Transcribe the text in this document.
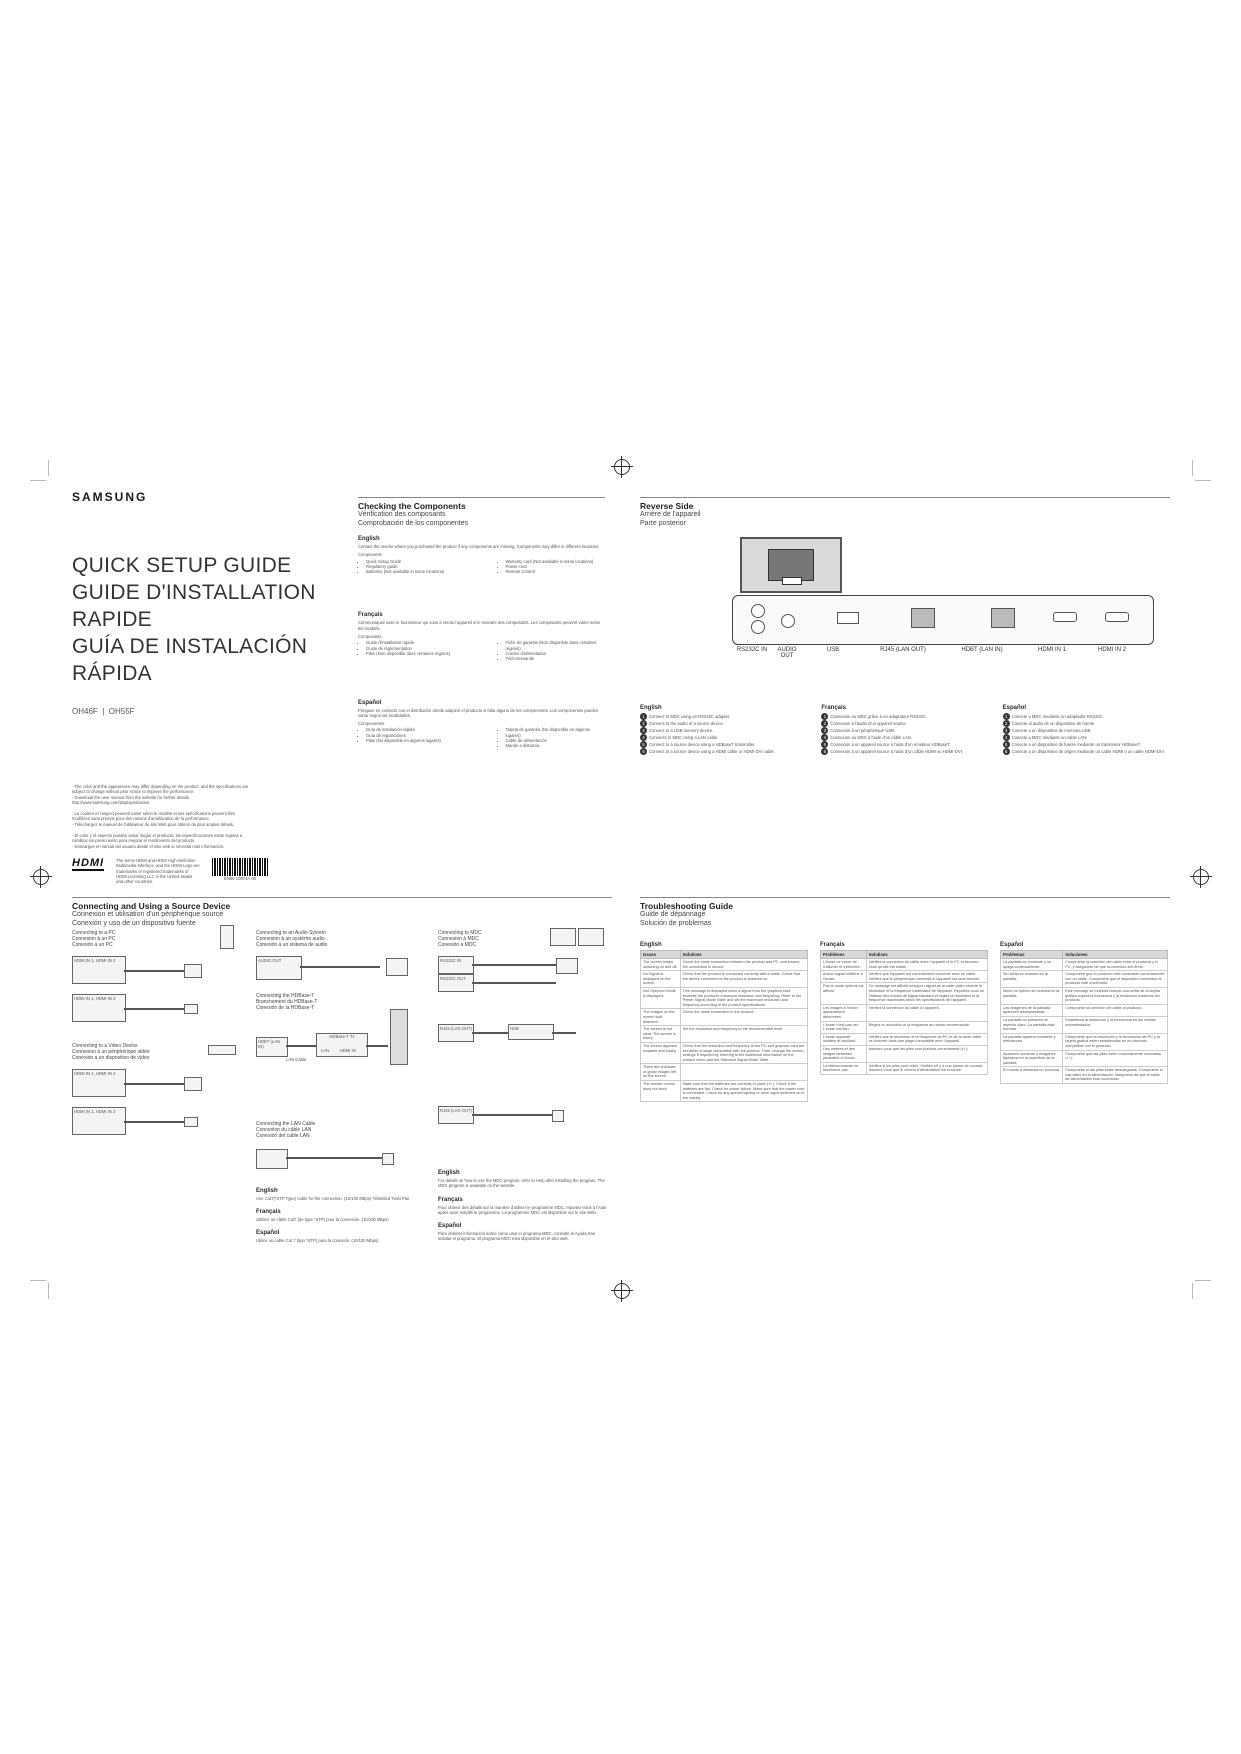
SAMSUNG
QUICK SETUP GUIDE
GUIDE D'INSTALLATION RAPIDE
GUÍA DE INSTALACIÓN RÁPIDA
OH46F  |  OH55F
- The color and the appearance may differ depending on the product, and the specifications are subject to change without prior notice to improve the performance.
- Download the user manual from the website for further details.
http://www.samsung.com/displaysolutions
- La couleur et l'aspect peuvent varier selon le modèle et ses spécifications peuvent être modifiées sans préavis pour des raisons d'amélioration de la performance.
- Téléchargez le manuel de l'utilisateur du site Web pour obtenir de plus amples détails.
- El color y el aspecto pueden variar según el producto; las especificaciones están sujetas a cambios sin previo aviso para mejorar el rendimiento del producto.
- Descargue el manual del usuario desde el sitio web si necesita más información.
HDMI	The terms HDMI and HDMI High-Definition Multimedia Interface, and the HDMI Logo are trademarks or registered trademarks of HDMI Licensing LLC in the United States and other countries.
BN68-10874A-00
Checking the Components
Vérification des composants
Comprobación de los componentes
English
Contact the vendor where you purchased the product if any components are missing. Components may differ in different locations.
Components
• Quick Setup Guide
• Regulatory guide
• Batteries (Not available in some locations)
• Warranty card (Not available in some locations)
• Power cord
• Remote Control
Français
Communiquez avec le fournisseur qui vous a vendu l'appareil si le moindre des composants. Les composants peuvent varier selon les localités.
Composants
• Guide d'installation rapide
• Guide de réglementation
• Piles (Non disponible dans certaines régions)
• Fiche de garantie (Non disponible dans certaines régions)
• Cordon d'alimentation
• Télécommande
Español
Póngase en contacto con el distribuidor donde adquirió el producto si falta alguno de los componentes. Los componentes pueden variar según las localidades.
Componentes
• Guía de instalación rápida
• Guía de regulaciones
• Pilas (No disponible en algunos lugares)
• Tarjeta de garantía (No disponible en algunos lugares)
• Cable de alimentación
• Mando a distancia
Reverse Side
Arrière de l'appareil
Parte posterior
RS232C IN	AUDIO OUT
USB	RJ45 (LAN OUT)	HDBT (LAN IN)	HDMI IN 1	HDMI IN 2
English
1 Connect to MDC using an RS232C adapter.
2 Connect to the audio of a source device.
3 Connect to a USB memory device.
4 Connects to MDC using a LAN cable.
5 Connect to a source device using a HDBaseT transmitter.
6 Connect to a source device using a HDMI cable or HDMI-DVI cable.
Français
1 Connexion au MDC grâce à un adaptateur RS232C.
2 Connexion à l'audio d'un appareil source.
3 Connexion à un périphérique USB.
4 Connexion au MDC à l'aide d'un câble LAN.
5 Connexion à un appareil source à l'aide d'un émetteur HDBaseT.
6 Connexion à un appareil source à l'aide d'un câble HDMI ou HDMI-DVI.
Español
1 Conecte a MDC mediante un adaptador RS232C.
2 Conecte al audio de un dispositivo de fuente.
3 Conecte a un dispositivo de memoria USB.
4 Conecte a MDC mediante un cable LAN.
5 Conecte a un dispositivo de fuente mediante un transmisor HDBaseT.
6 Conecte a un dispositivo de origen mediante un cable HDMI o un cable HDMI-DVI.
Connecting and Using a Source Device
Connexion et utilisation d'un périphérique source
Conexión y uso de un dispositivo fuente
Connecting to a PC
Connexion à un PC
Conexión a un PC
HDMI IN 1, HDMI IN 2
HDMI IN 1, HDMI IN 2
Connecting to a Video Device
Connexion à un périphérique vidéo
Conexión a un dispositivo de vídeo
HDMI IN 1, HDMI IN 2
HDMI IN 1, HDMI IN 2
Connecting to an Audio System
Connexion à un système audio
Conexión a un sistema de audio
AUDIO OUT
Connecting the HDBase-T
Branchement du HDBase-T
Conexión de la HDBase-T
HDBT (LAN IN)
HDBase-T Tx
LAN HDMI IN
LAN Cable
Connecting the LAN Cable
Connexion du câble LAN
Conexión del cable LAN
English
Use Cat7(*STP Type) cable for the connection. (10/100 Mbps) *Shielded Twist Pair
Français
Utilisez un câble Cat7 (de type *STP) pour la connexion. (10/100 Mbps)
Español
Utilice un cable Cat 7 (tipo *STP) para la conexión. (10/100 Mbps)
Connecting to MDC
Connexion à MDC
Conexión a MDC
RS232C IN
RS232C OUT
RJ45 (LAN OUT)	HUB
RJ45 (LAN OUT)
English
For details on how to use the MDC program, refer to Help after installing the program. The MDC program is available on the website.
Français
Pour obtenir des détails sur la manière d'utiliser le programme MDC, reportez-vous à l'Aide après avoir installé le programme. Le programme MDC est disponible sur le site Web.
Español
Para obtener información sobre cómo usar el programa MDC, consulte la Ayuda tras instalar el programa. El programa MDC está disponible en el sitio web.
Troubleshooting Guide
Guide de dépannage
Solución de problemas
English
Issues	Solutions
The screen keeps switching on and off.	Check the cable connection between the product and PC, and ensure the connection is secure.
No Signal is displayed on the screen.	Check that the product is connected correctly with a cable. Check that the device connected to the product is powered on.
Not Optimum Mode is displayed.	This message is displayed when a signal from the graphics card exceeds the product's maximum resolution and frequency. Refer to the Preset Signal Mode Table and set the maximum resolution and frequency according to the product specifications.
The images on the screen look distorted.	Check the cable connection to the product.
The screen is not clear. The screen is blurry.	Set the resolution and frequency to the recommended level.
The screen appears unstable and shaky.	Check that the resolution and frequency of the PC and graphics card are set within a range compatible with the product. Then, change the screen settings if required by referring to the Additional Information on the product menu and the Standard Signal Mode Table.
There are shadows or ghost images left on the screen.	
The remote control does not work.	Make sure that the batteries are correctly in place (+/-). Check if the batteries are flat. Check for power failure. Make sure that the power cord is connected. Check for any special lighting or neon signs switched on in the vicinity.
Français
Problèmes	Solutions
L'écran ne cesse de s'allumer et s'éteindre.	Vérifiez la connexion du câble entre l'appareil et le PC et assurez-vous qu'elle est solide.
Aucun signal s'affiche à l'écran.	Vérifiez que l'appareil est correctement connecté avec un câble. Vérifiez que le périphérique connecté à l'appareil est sous tension.
Pas le mode optimal est affiché.	Ce message est affiché lorsqu'un signal de la carte vidéo excède la résolution et la fréquence maximales de l'appareil. Reportez-vous au Tableau des modes de signal standard et réglez la résolution et la fréquence maximales selon les spécifications de l'appareil.
Les images à l'écran apparaissent déformées.	Vérifiez la connexion du câble à l'appareil.
L'écran n'est pas net. L'écran est flou.	Réglez la résolution et la fréquence au niveau recommandé.
L'écran apparaît instable et vacillant.	Vérifiez que la résolution et la fréquence du PC et de la carte vidéo se trouvent dans une plage compatible avec l'appareil.
Des ombres et des images fantômes persistent à l'écran.	Assurez-vous que les piles sont placées correctement (+/-).
La télécommande ne fonctionne pas.	Vérifiez si les piles sont vides. Vérifiez s'il y a une panne de courant. Assurez-vous que le cordon d'alimentation est branché.
Español
Problemas	Soluciones
La pantalla se enciende y se apaga continuamente.	Compruebe la conexión del cable entre el producto y el PC, y asegúrese de que la conexión sea firme.
Sin señal se muestra en la pantalla.	Compruebe que el producto esté conectado correctamente con un cable. Compruebe que el dispositivo conectado al producto esté encendido.
Modo no óptimo se muestra en la pantalla.	Este mensaje se muestra cuando una señal de la tarjeta gráfica supera la frecuencia y la resolución máximas del producto.
Las imágenes de la pantalla aparecen distorsionadas.	Compruebe la conexión del cable al producto.
La pantalla no presenta un aspecto claro. La pantalla está borrosa.	Establezca la resolución y la frecuencia en los niveles recomendados.
La pantalla aparece inestable y temblorosa.	Compruebe que la resolución y la frecuencia del PC y la tarjeta gráfica estén establecidas en un intervalo compatible con el producto.
Aparecen sombras o imágenes fantasma en la superficie de la pantalla.	Compruebe que las pilas estén correctamente colocadas (+/-).
El mando a distancia no funciona.	Compruebe si las pilas están descargadas. Compruebe si hay fallos en la alimentación. Asegúrese de que el cable de alimentación esté conectado.
